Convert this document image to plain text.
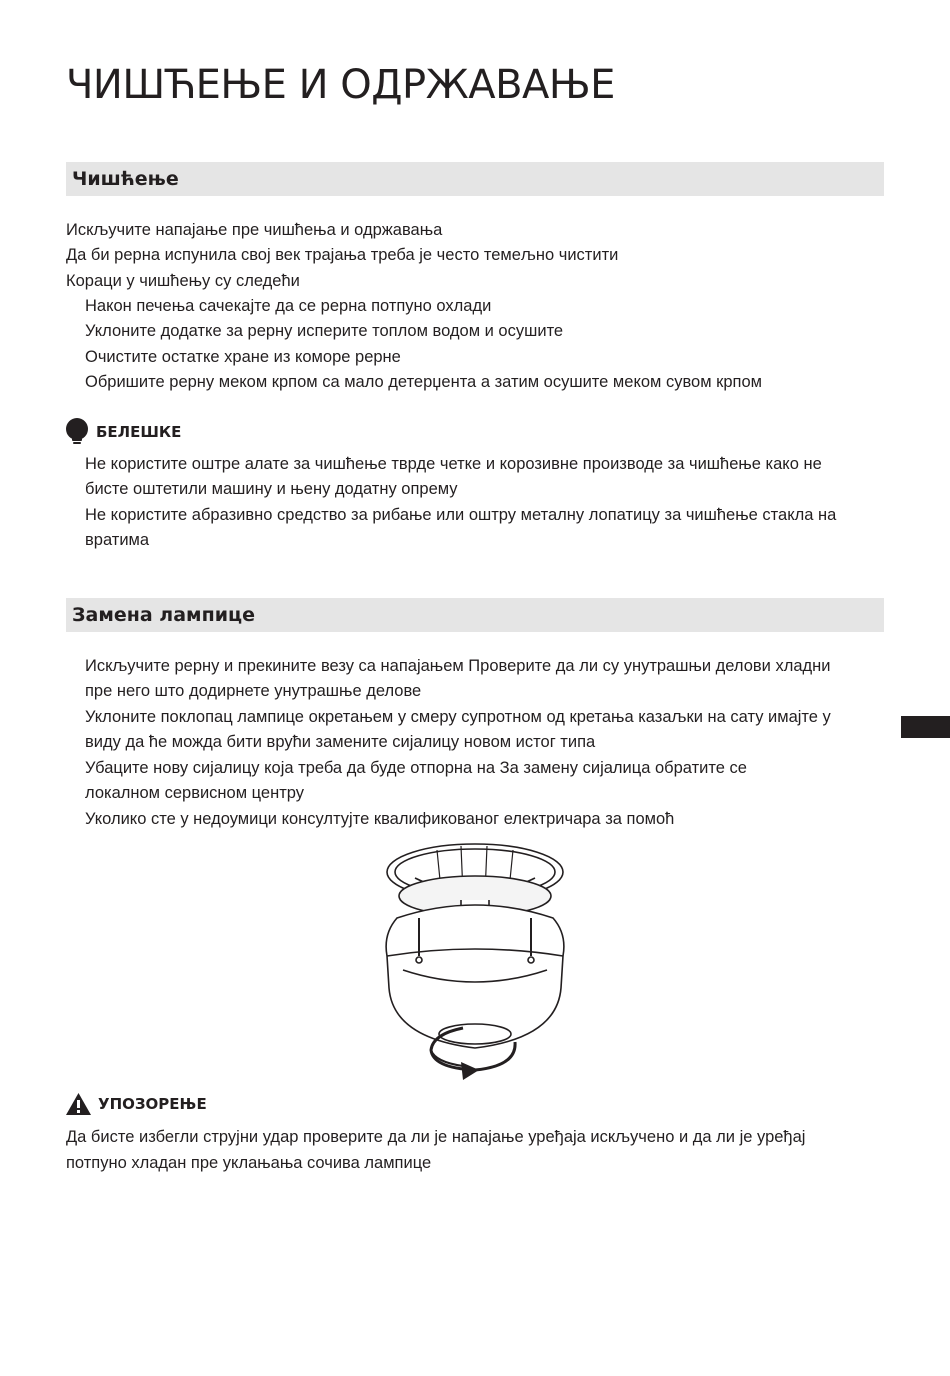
ЧИШЋЕЊЕ И ОДРЖАВАЊЕ
Чишћење
Искључите напајање пре чишћења и одржавања
Да би рерна испунила свој век трајања треба је често темељно чистити
Кораци у чишћењу су следећи
Након печења сачекајте да се рерна потпуно охлади
Уклоните додатке за рерну исперите топлом водом и осушите
Очистите остатке хране из коморе рерне
Обришите рерну меком крпом са мало детерџента а затим осушите меком сувом крпом
БЕЛЕШКЕ
Не користите оштре алате за чишћење тврде четке и корозивне производе за чишћење како не
бисте оштетили машину и њену додатну опрему
Не користите абразивно средство за рибање или оштру металну лопатицу за чишћење стакла на
вратима
Замена лампице
Искључите рерну и прекините везу са напајањем Проверите да ли су унутрашњи делови хладни
пре него што додирнете унутрашње делове
Уклоните поклопац лампице окретањем у смеру супротном од кретања казаљки на сату имајте у
виду да ће можда бити врући замените сијалицу новом истог типа
Убаците нову сијалицу која треба да буде отпорна на За замену сијалица обратите се
локалном сервисном центру
Уколико сте у недоумици консултујте квалификованог електричара за помоћ
УПОЗОРЕЊЕ
Да бисте избегли струјни удар проверите да ли је напајање уређаја искључено и да ли је уређај
потпуно хладан пре уклањања сочива лампице
